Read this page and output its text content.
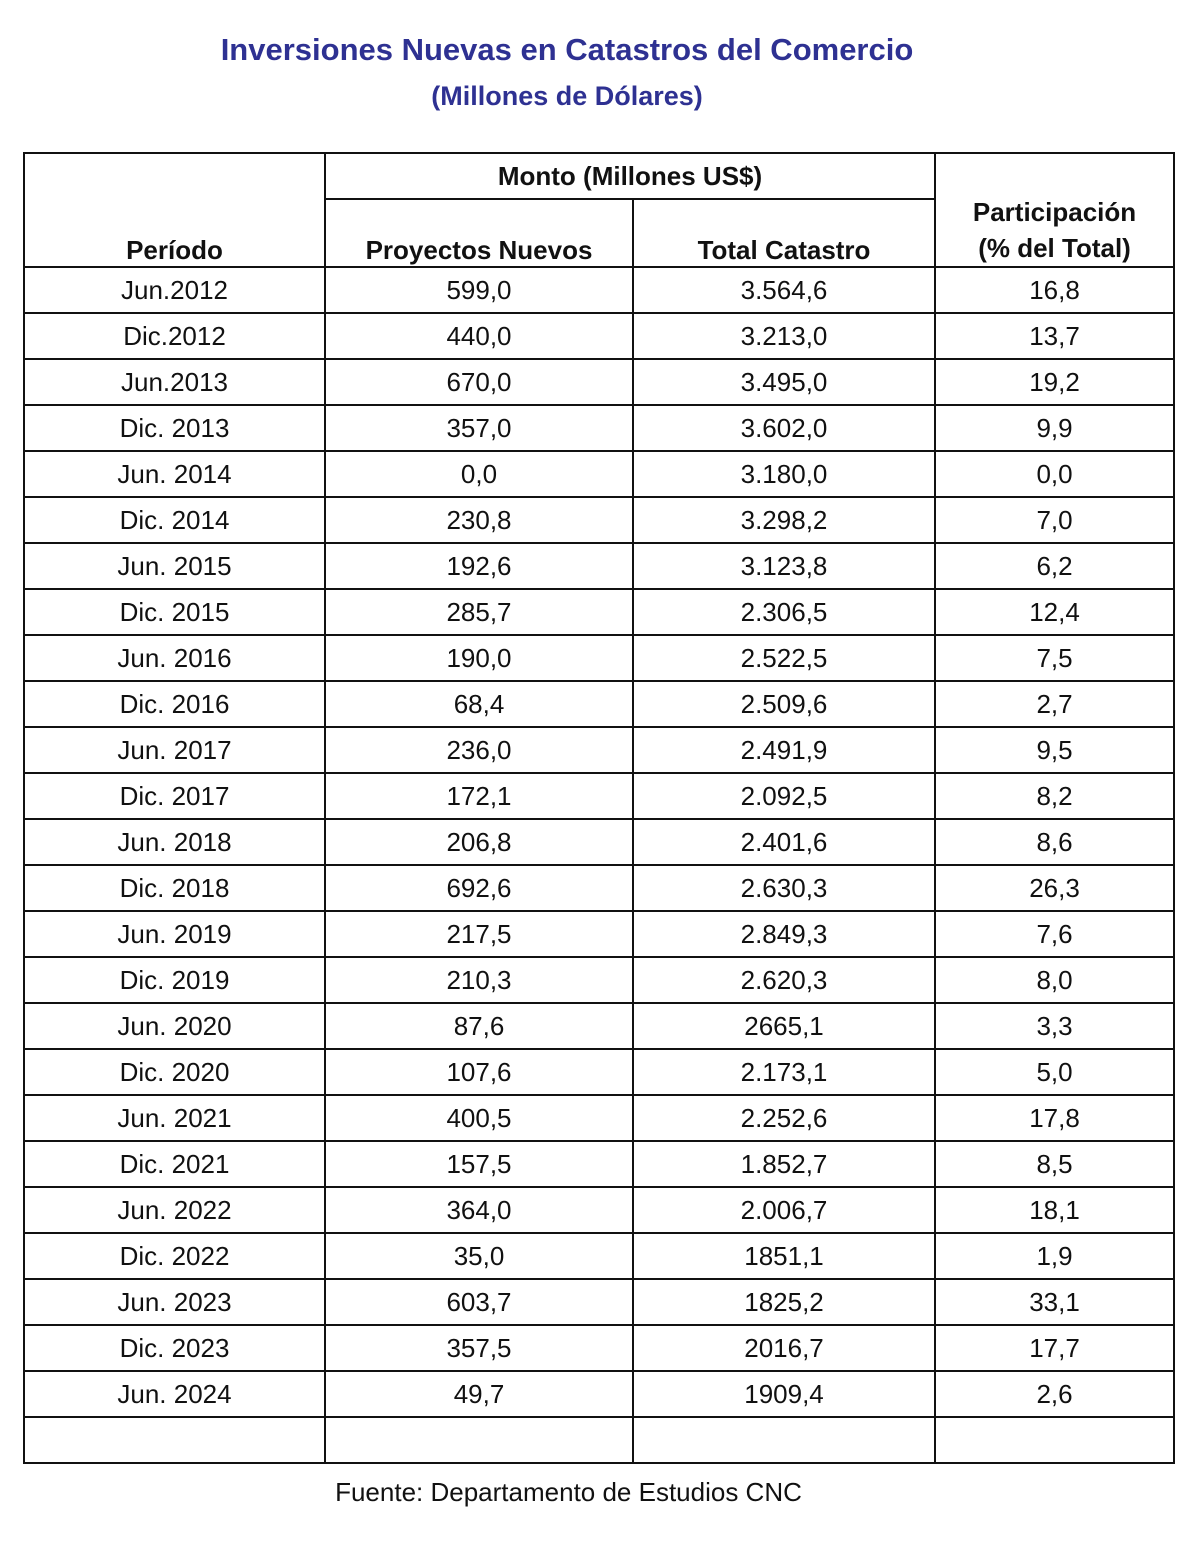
Inversiones Nuevas en Catastros del Comercio
(Millones de Dólares)
Período	Monto (Millones US$)		Participación
(% del Total)
	Proyectos Nuevos	Total Catastro	
Jun.2012	599,0	3.564,6	16,8
Dic.2012	440,0	3.213,0	13,7
Jun.2013	670,0	3.495,0	19,2
Dic. 2013	357,0	3.602,0	9,9
Jun. 2014	0,0	3.180,0	0,0
Dic. 2014	230,8	3.298,2	7,0
Jun. 2015	192,6	3.123,8	6,2
Dic. 2015	285,7	2.306,5	12,4
Jun. 2016	190,0	2.522,5	7,5
Dic. 2016	68,4	2.509,6	2,7
Jun. 2017	236,0	2.491,9	9,5
Dic. 2017	172,1	2.092,5	8,2
Jun. 2018	206,8	2.401,6	8,6
Dic. 2018	692,6	2.630,3	26,3
Jun. 2019	217,5	2.849,3	7,6
Dic. 2019	210,3	2.620,3	8,0
Jun. 2020	87,6	2665,1	3,3
Dic. 2020	107,6	2.173,1	5,0
Jun. 2021	400,5	2.252,6	17,8
Dic. 2021	157,5	1.852,7	8,5
Jun. 2022	364,0	2.006,7	18,1
Dic. 2022	35,0	1851,1	1,9
Jun. 2023	603,7	1825,2	33,1
Dic. 2023	357,5	2016,7	17,7
Jun. 2024	49,7	1909,4	2,6

Fuente: Departamento de Estudios CNC
